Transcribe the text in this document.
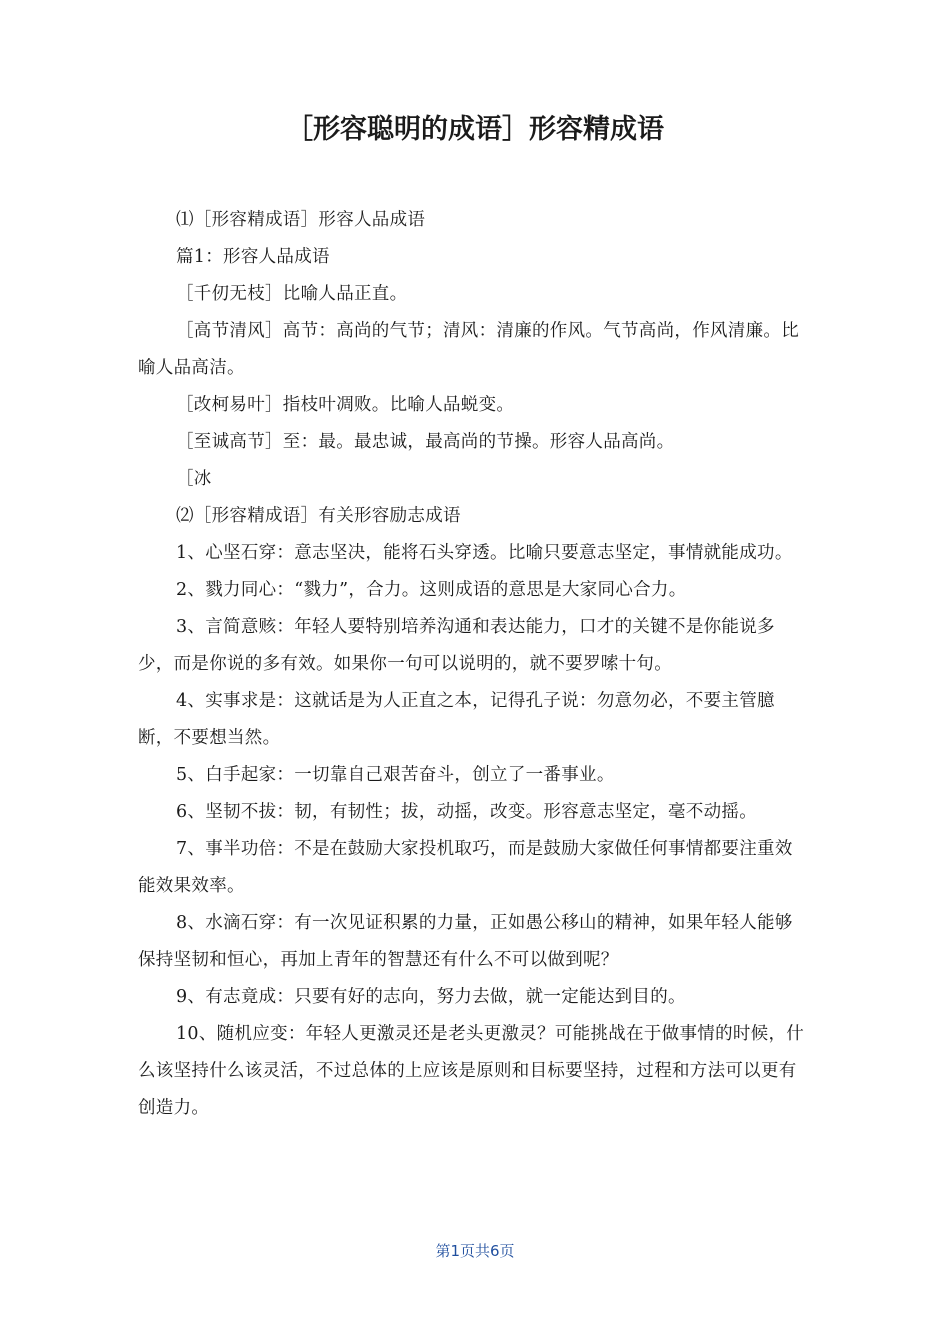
［形容聪明的成语］形容精成语

⑴［形容精成语］形容人品成语

篇1：形容人品成语

［千仞无枝］比喻人品正直。

［高节清风］高节：高尚的气节；清风：清廉的作风。气节高尚，作风清廉。比喻人品高洁。

［改柯易叶］指枝叶凋败。比喻人品蜕变。

［至诚高节］至：最。最忠诚，最高尚的节操。形容人品高尚。

［冰

⑵［形容精成语］有关形容励志成语

1、心坚石穿：意志坚决，能将石头穿透。比喻只要意志坚定，事情就能成功。

2、戮力同心：“戮力”，合力。这则成语的意思是大家同心合力。

3、言简意赅：年轻人要特别培养沟通和表达能力，口才的关键不是你能说多少，而是你说的多有效。如果你一句可以说明的，就不要罗嗦十句。

4、实事求是：这就话是为人正直之本，记得孔子说：勿意勿必，不要主管臆断，不要想当然。

5、白手起家：一切靠自己艰苦奋斗，创立了一番事业。

6、坚韧不拔：韧，有韧性；拔，动摇，改变。形容意志坚定，毫不动摇。

7、事半功倍：不是在鼓励大家投机取巧，而是鼓励大家做任何事情都要注重效能效果效率。

8、水滴石穿：有一次见证积累的力量，正如愚公移山的精神，如果年轻人能够保持坚韧和恒心，再加上青年的智慧还有什么不可以做到呢？

9、有志竟成：只要有好的志向，努力去做，就一定能达到目的。

10、随机应变：年轻人更激灵还是老头更激灵？可能挑战在于做事情的时候，什么该坚持什么该灵活，不过总体的上应该是原则和目标要坚持，过程和方法可以更有创造力。

第1页共6页
